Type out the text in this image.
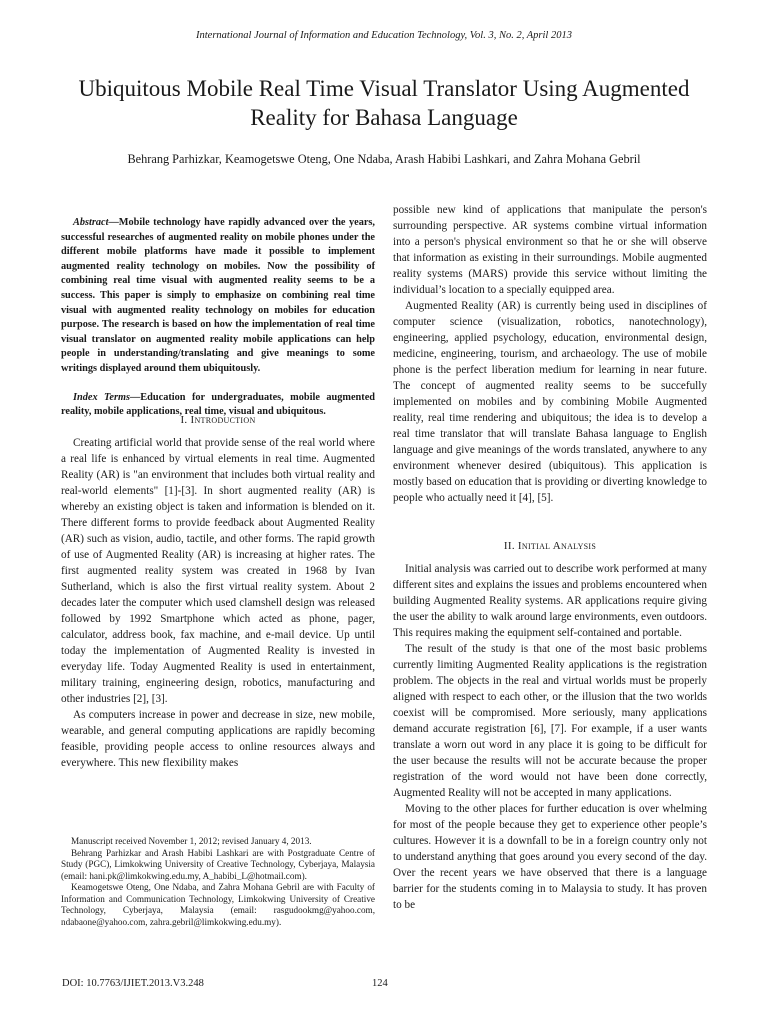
International Journal of Information and Education Technology, Vol. 3, No. 2, April 2013
Ubiquitous Mobile Real Time Visual Translator Using Augmented Reality for Bahasa Language
Behrang Parhizkar, Keamogetswe Oteng, One Ndaba, Arash Habibi Lashkari, and Zahra Mohana Gebril

Abstract—Mobile technology have rapidly advanced over the years, successful researches of augmented reality on mobile phones under the different mobile platforms have made it possible to implement augmented reality technology on mobiles. Now the possibility of combining real time visual with augmented reality seems to be a success. This paper is simply to emphasize on combining real time visual with augmented reality technology on mobiles for education purpose. The research is based on how the implementation of real time visual translator on augmented reality mobile applications can help people in understanding/translating and give meanings to some writings displayed around them ubiquitously.

Index Terms—Education for undergraduates, mobile augmented reality, mobile applications, real time, visual and ubiquitous.

I. Introduction

Creating artificial world that provide sense of the real world where a real life is enhanced by virtual elements in real time. Augmented Reality (AR) is "an environment that includes both virtual reality and real-world elements" [1]-[3]. In short augmented reality (AR) is whereby an existing object is taken and information is blended on it. There different forms to provide feedback about Augmented Reality (AR) such as vision, audio, tactile, and other forms. The rapid growth of use of Augmented Reality (AR) is increasing at higher rates. The first augmented reality system was created in 1968 by Ivan Sutherland, which is also the first virtual reality system. About 2 decades later the computer which used clamshell design was released followed by 1992 Smartphone which acted as phone, pager, calculator, address book, fax machine, and e-mail device. Up until today the implementation of Augmented Reality is invested in everyday life. Today Augmented Reality is used in entertainment, military training, engineering design, robotics, manufacturing and other industries [2], [3].

As computers increase in power and decrease in size, new mobile, wearable, and general computing applications are rapidly becoming feasible, providing people access to online resources always and everywhere. This new flexibility makes

possible new kind of applications that manipulate the person's surrounding perspective. AR systems combine virtual information into a person's physical environment so that he or she will observe that information as existing in their surroundings. Mobile augmented reality systems (MARS) provide this service without limiting the individual’s location to a specially equipped area.

Augmented Reality (AR) is currently being used in disciplines of computer science (visualization, robotics, nanotechnology), engineering, applied psychology, education, environmental design, medicine, engineering, tourism, and archaeology. The use of mobile phone is the perfect liberation medium for learning in near future. The concept of augmented reality seems to be succefully implemented on mobiles and by combining Mobile Augmented reality, real time rendering and ubiquitous; the idea is to develop a real time translator that will translate Bahasa language to English language and give meanings of the words translated, anywhere to any environment whenever desired (ubiquitous). This application is mostly based on education that is providing or diverting knowledge to people who actually need it [4], [5].

II. Initial Analysis

Initial analysis was carried out to describe work performed at many different sites and explains the issues and problems encountered when building Augmented Reality systems. AR applications require giving the user the ability to walk around large environments, even outdoors. This requires making the equipment self-contained and portable.

The result of the study is that one of the most basic problems currently limiting Augmented Reality applications is the registration problem. The objects in the real and virtual worlds must be properly aligned with respect to each other, or the illusion that the two worlds coexist will be compromised. More seriously, many applications demand accurate registration [6], [7]. For example, if a user wants translate a worn out word in any place it is going to be difficult for the user because the results will not be accurate because the proper registration of the word would not have been done correctly, Augmented Reality will not be accepted in many applications.

Moving to the other places for further education is over whelming for most of the people because they get to experience other people’s cultures. However it is a downfall to be in a foreign country only not to understand anything that goes around you every second of the day. Over the recent years we have observed that there is a language barrier for the students coming in to Malaysia to study. It has proven to be

Manuscript received November 1, 2012; revised January 4, 2013.

Behrang Parhizkar and Arash Habibi Lashkari are with Postgraduate Centre of Study (PGC), Limkokwing University of Creative Technology, Cyberjaya, Malaysia (email: hani.pk@limkokwing.edu.my, A_habibi_L@hotmail.com).

Keamogetswe Oteng, One Ndaba, and Zahra Mohana Gebril are with Faculty of Information and Communication Technology, Limkokwing University of Creative Technology, Cyberjaya, Malaysia (email: rasgudookmg@yahoo.com, ndabaone@yahoo.com, zahra.gebril@limkokwing.edu.my).

DOI: 10.7763/IJIET.2013.V3.248	124
